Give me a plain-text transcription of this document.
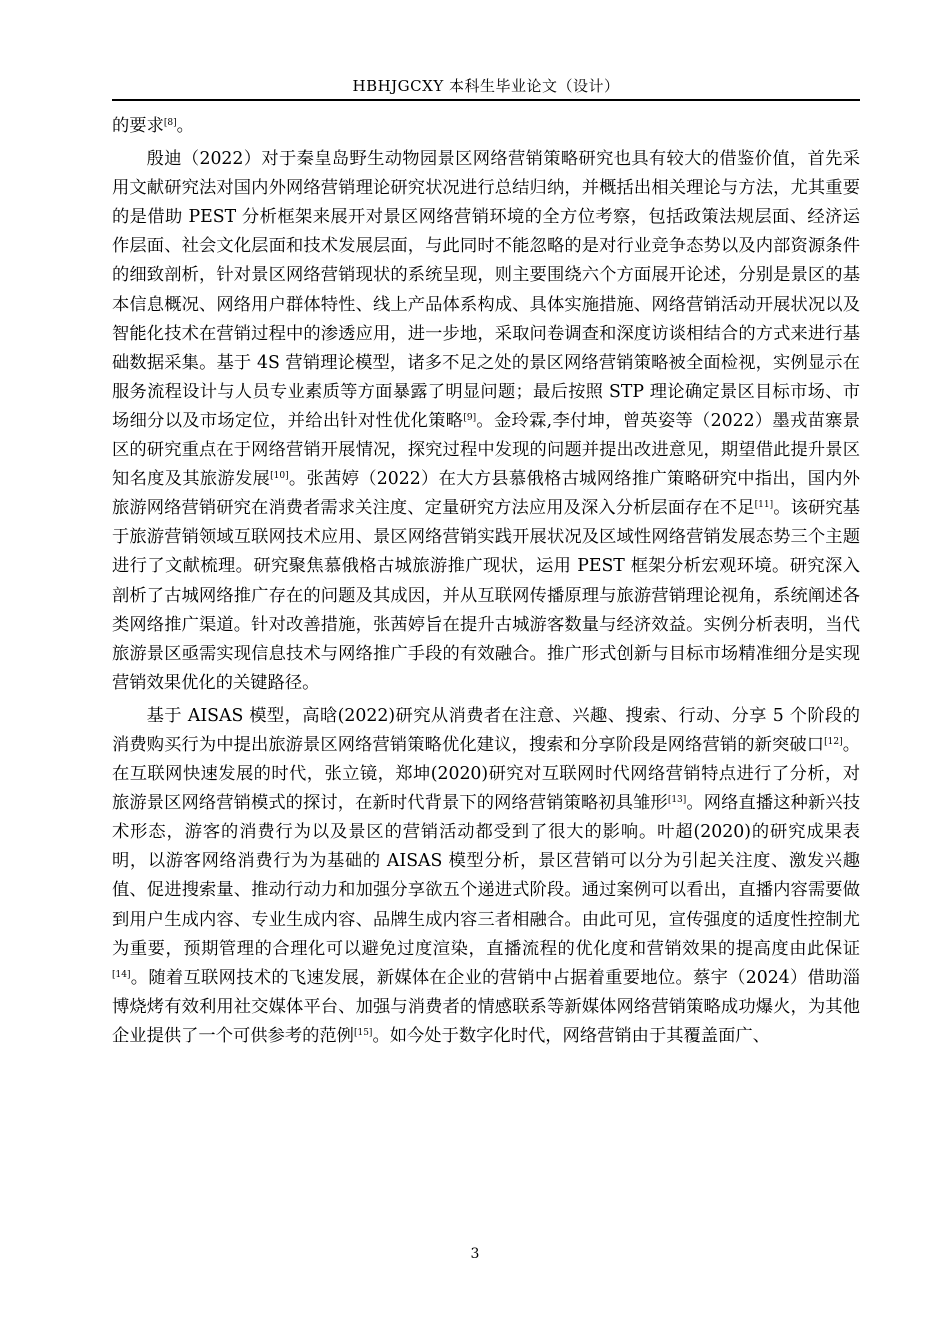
HBHJGCXY 本科生毕业论文（设计）

的要求[8]。

殷迪（2022）对于秦皇岛野生动物园景区网络营销策略研究也具有较大的借鉴价值，首先采用文献研究法对国内外网络营销理论研究状况进行总结归纳，并概括出相关理论与方法，尤其重要的是借助 PEST 分析框架来展开对景区网络营销环境的全方位考察，包括政策法规层面、经济运作层面、社会文化层面和技术发展层面，与此同时不能忽略的是对行业竞争态势以及内部资源条件的细致剖析，针对景区网络营销现状的系统呈现，则主要围绕六个方面展开论述，分别是景区的基本信息概况、网络用户群体特性、线上产品体系构成、具体实施措施、网络营销活动开展状况以及智能化技术在营销过程中的渗透应用，进一步地，采取问卷调查和深度访谈相结合的方式来进行基础数据采集。基于 4S 营销理论模型，诸多不足之处的景区网络营销策略被全面检视，实例显示在服务流程设计与人员专业素质等方面暴露了明显问题；最后按照 STP 理论确定景区目标市场、市场细分以及市场定位，并给出针对性优化策略[9]。金玲霖,李付坤，曾英姿等（2022）墨戎苗寨景区的研究重点在于网络营销开展情况，探究过程中发现的问题并提出改进意见，期望借此提升景区知名度及其旅游发展[10]。张茜婷（2022）在大方县慕俄格古城网络推广策略研究中指出，国内外旅游网络营销研究在消费者需求关注度、定量研究方法应用及深入分析层面存在不足[11]。该研究基于旅游营销领域互联网技术应用、景区网络营销实践开展状况及区域性网络营销发展态势三个主题进行了文献梳理。研究聚焦慕俄格古城旅游推广现状，运用 PEST 框架分析宏观环境。研究深入剖析了古城网络推广存在的问题及其成因，并从互联网传播原理与旅游营销理论视角，系统阐述各类网络推广渠道。针对改善措施，张茜婷旨在提升古城游客数量与经济效益。实例分析表明，当代旅游景区亟需实现信息技术与网络推广手段的有效融合。推广形式创新与目标市场精准细分是实现营销效果优化的关键路径。

基于 AISAS 模型，高晗(2022)研究从消费者在注意、兴趣、搜索、行动、分享 5 个阶段的消费购买行为中提出旅游景区网络营销策略优化建议，搜索和分享阶段是网络营销的新突破口[12]。在互联网快速发展的时代，张立镜，郑坤(2020)研究对互联网时代网络营销特点进行了分析，对旅游景区网络营销模式的探讨，在新时代背景下的网络营销策略初具雏形[13]。网络直播这种新兴技术形态，游客的消费行为以及景区的营销活动都受到了很大的影响。叶超(2020)的研究成果表明，以游客网络消费行为为基础的 AISAS 模型分析，景区营销可以分为引起关注度、激发兴趣值、促进搜索量、推动行动力和加强分享欲五个递进式阶段。通过案例可以看出，直播内容需要做到用户生成内容、专业生成内容、品牌生成内容三者相融合。由此可见，宣传强度的适度性控制尤为重要，预期管理的合理化可以避免过度渲染，直播流程的优化度和营销效果的提高度由此保证[14]。随着互联网技术的飞速发展，新媒体在企业的营销中占据着重要地位。蔡宇（2024）借助淄博烧烤有效利用社交媒体平台、加强与消费者的情感联系等新媒体网络营销策略成功爆火，为其他企业提供了一个可供参考的范例[15]。如今处于数字化时代，网络营销由于其覆盖面广、

3
